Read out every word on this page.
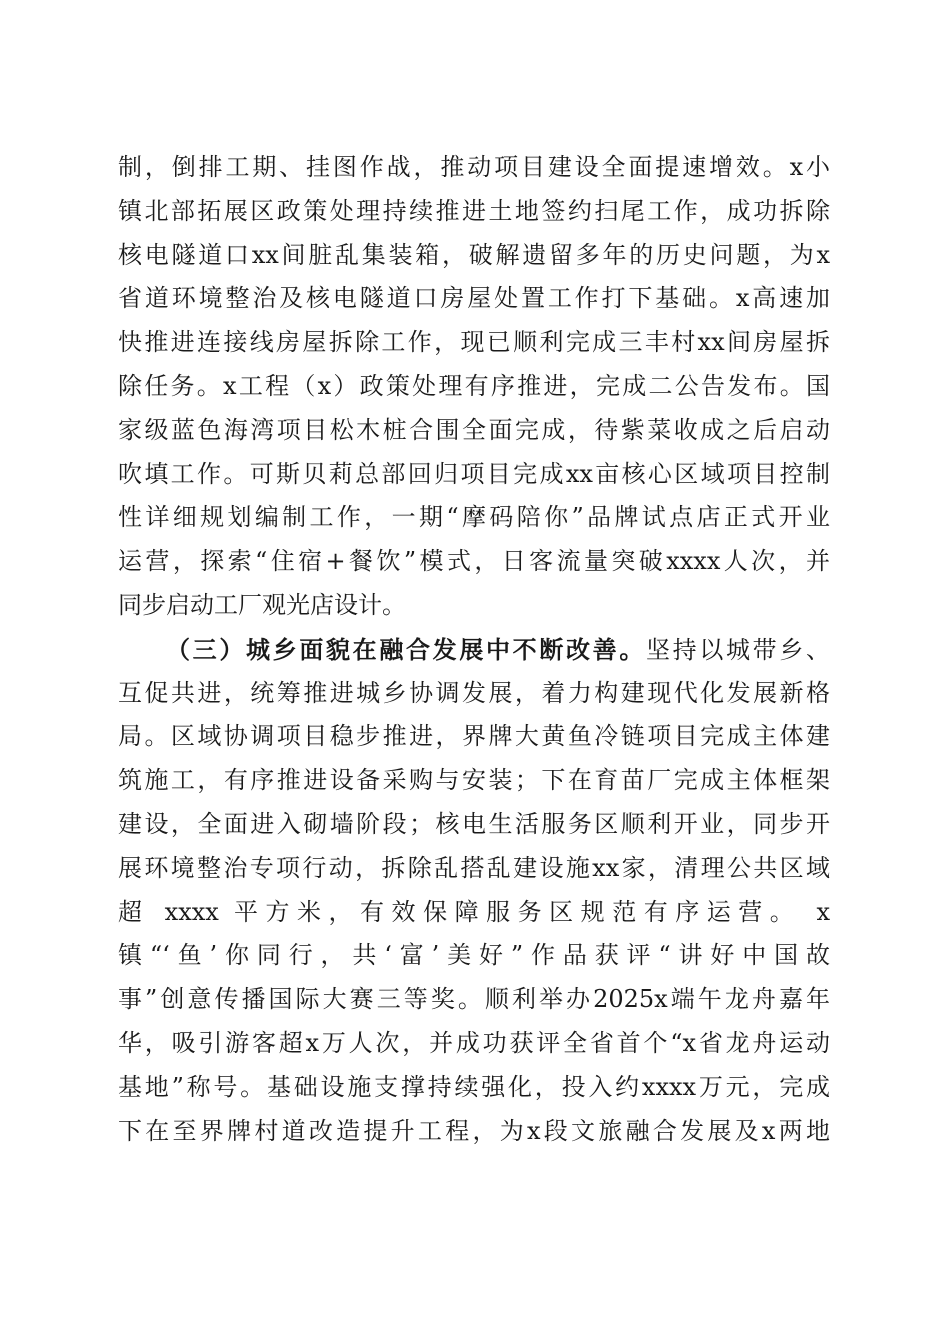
制，倒排工期、挂图作战，推动项目建设全面提速增效。x小
镇北部拓展区政策处理持续推进土地签约扫尾工作，成功拆除
核电隧道口xx间脏乱集装箱，破解遗留多年的历史问题，为x
省道环境整治及核电隧道口房屋处置工作打下基础。x高速加
快推进连接线房屋拆除工作，现已顺利完成三丰村xx间房屋拆
除任务。x工程（x）政策处理有序推进，完成二公告发布。国
家级蓝色海湾项目松木桩合围全面完成，待紫菜收成之后启动
吹填工作。可斯贝莉总部回归项目完成xx亩核心区域项目控制
性详细规划编制工作，一期“摩码陪你”品牌试点店正式开业
运营，探索“住宿+餐饮”模式，日客流量突破xxxx人次，并
同步启动工厂观光店设计。
（三）城乡面貌在融合发展中不断改善。坚持以城带乡、
互促共进，统筹推进城乡协调发展，着力构建现代化发展新格
局。区域协调项目稳步推进，界牌大黄鱼冷链项目完成主体建
筑施工，有序推进设备采购与安装；下在育苗厂完成主体框架
建设，全面进入砌墙阶段；核电生活服务区顺利开业，同步开
展环境整治专项行动，拆除乱搭乱建设施xx家，清理公共区域
超 xxxx 平方米，有效保障服务区规范有序运营。 x
镇“‘鱼’你同行，共‘富’美好”作品获评“讲好中国故
事”创意传播国际大赛三等奖。顺利举办2025x端午龙舟嘉年
华，吸引游客超x万人次，并成功获评全省首个“x省龙舟运动
基地”称号。基础设施支撑持续强化，投入约xxxx万元，完成
下在至界牌村道改造提升工程，为x段文旅融合发展及x两地
